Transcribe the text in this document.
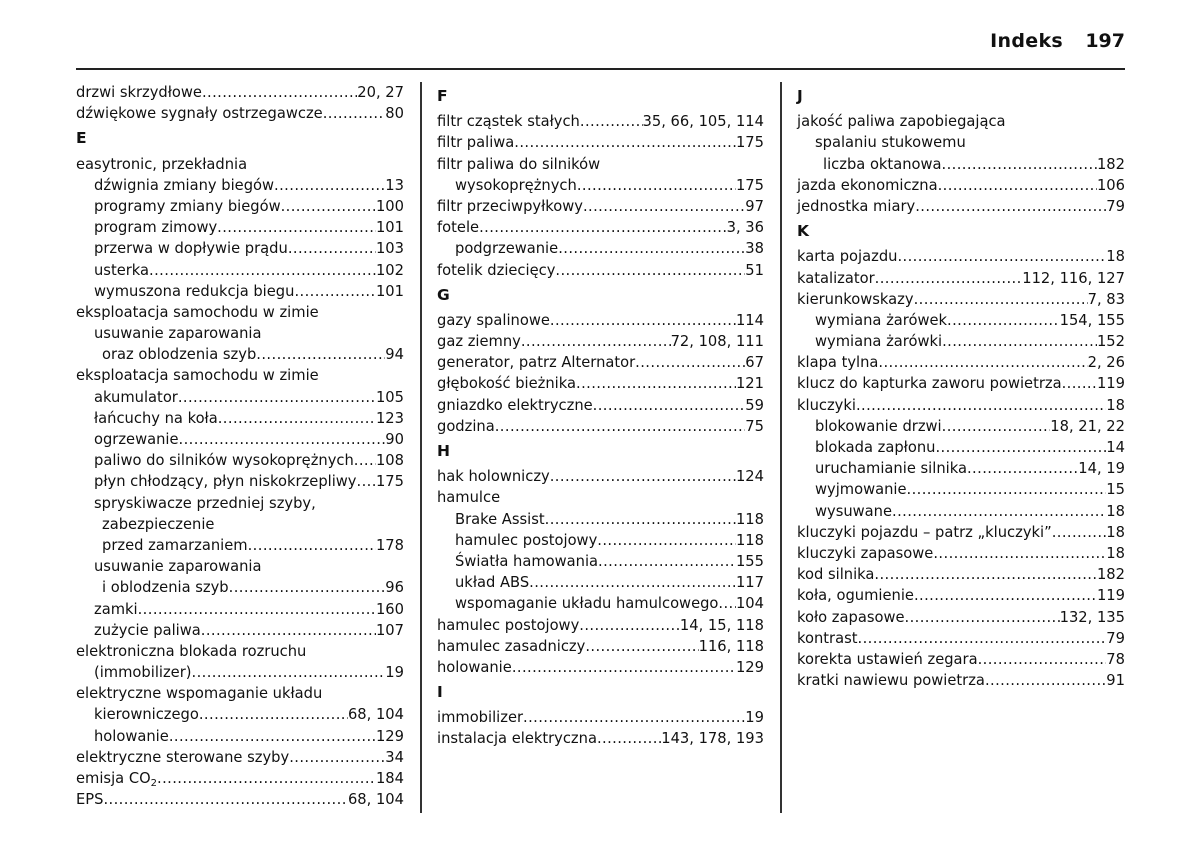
Indeks 197
drzwi skrzydłowe .....	20, 27
dźwiękowe sygnały ostrzegawcze .....	80
E
easytronic, przekładnia
dźwignia zmiany biegów .....	13
programy zmiany biegów .....	100
program zimowy .....	101
przerwa w dopływie prądu .....	103
usterka .....	102
wymuszona redukcja biegu .....	101
eksploatacja samochodu w zimie
usuwanie zaparowania
oraz oblodzenia szyb .....	94
eksploatacja samochodu w zimie
akumulator .....	105
łańcuchy na koła .....	123
ogrzewanie .....	90
paliwo do silników wysokoprężnych ..... 108
płyn chłodzący, płyn niskokrzepliwy ..... 175
spryskiwacze przedniej szyby,
zabezpieczenie
przed zamarzaniem .....	178
usuwanie zaparowania
i oblodzenia szyb .....	96
zamki .....	160
zużycie paliwa .....	107
elektroniczna blokada rozruchu
(immobilizer) .....	19
elektryczne wspomaganie układu
kierowniczego .....	68, 104
holowanie .....	129
elektryczne sterowane szyby .....	34
emisja $CO_2$ .....	184
EPS .....	68, 104
F
filtr cząstek stałych .....	35, 66, 105, 114
filtr paliwa .....	175
filtr paliwa do silników
wysokoprężnych .....	175
filtr przeciwpyłkowy .....	97
fotele .....	3, 36
podgrzewanie .....	38
fotelik dziecięcy .....	51
G
gazy spalinowe .....	114
gaz ziemny .....	72, 108, 111
generator, patrz Alternator .....	67
głębokość bieżnika .....	121
gniazdko elektryczne .....	59
godzina .....	75
H
hak holowniczy .....	124
hamulce
Brake Assist .....	118
hamulec postojowy .....	118
Światła hamowania .....	155
układ ABS .....	117
wspomaganie układu hamulcowego ..... 104
hamulec postojowy .....	14, 15, 118
hamulec zasadniczy .....	116, 118
holowanie .....	129
I
immobilizer .....	19
instalacja elektryczna .....	143, 178, 193
J
jakość paliwa zapobiegająca
spalaniu stukowemu
liczba oktanowa .....	182
jazda ekonomiczna .....	106
jednostka miary .....	79
K
karta pojazdu .....	18
katalizator .....	112, 116, 127
kierunkowskazy .....	7, 83
wymiana żarówek .....	154, 155
wymiana żarówki .....	152
klapa tylna .....	2, 26
klucz do kapturka zaworu powietrza ..... 119
kluczyki .....	18
blokowanie drzwi .....	18, 21, 22
blokada zapłonu .....	14
uruchamianie silnika .....	14, 19
wyjmowanie .....	15
wysuwane .....	18
kluczyki pojazdu – patrz „kluczyki” .....	18
kluczyki zapasowe .....	18
kod silnika .....	182
koła, ogumienie .....	119
koło zapasowe .....	132, 135
kontrast .....	79
korekta ustawień zegara .....	78
kratki nawiewu powietrza .....	91
